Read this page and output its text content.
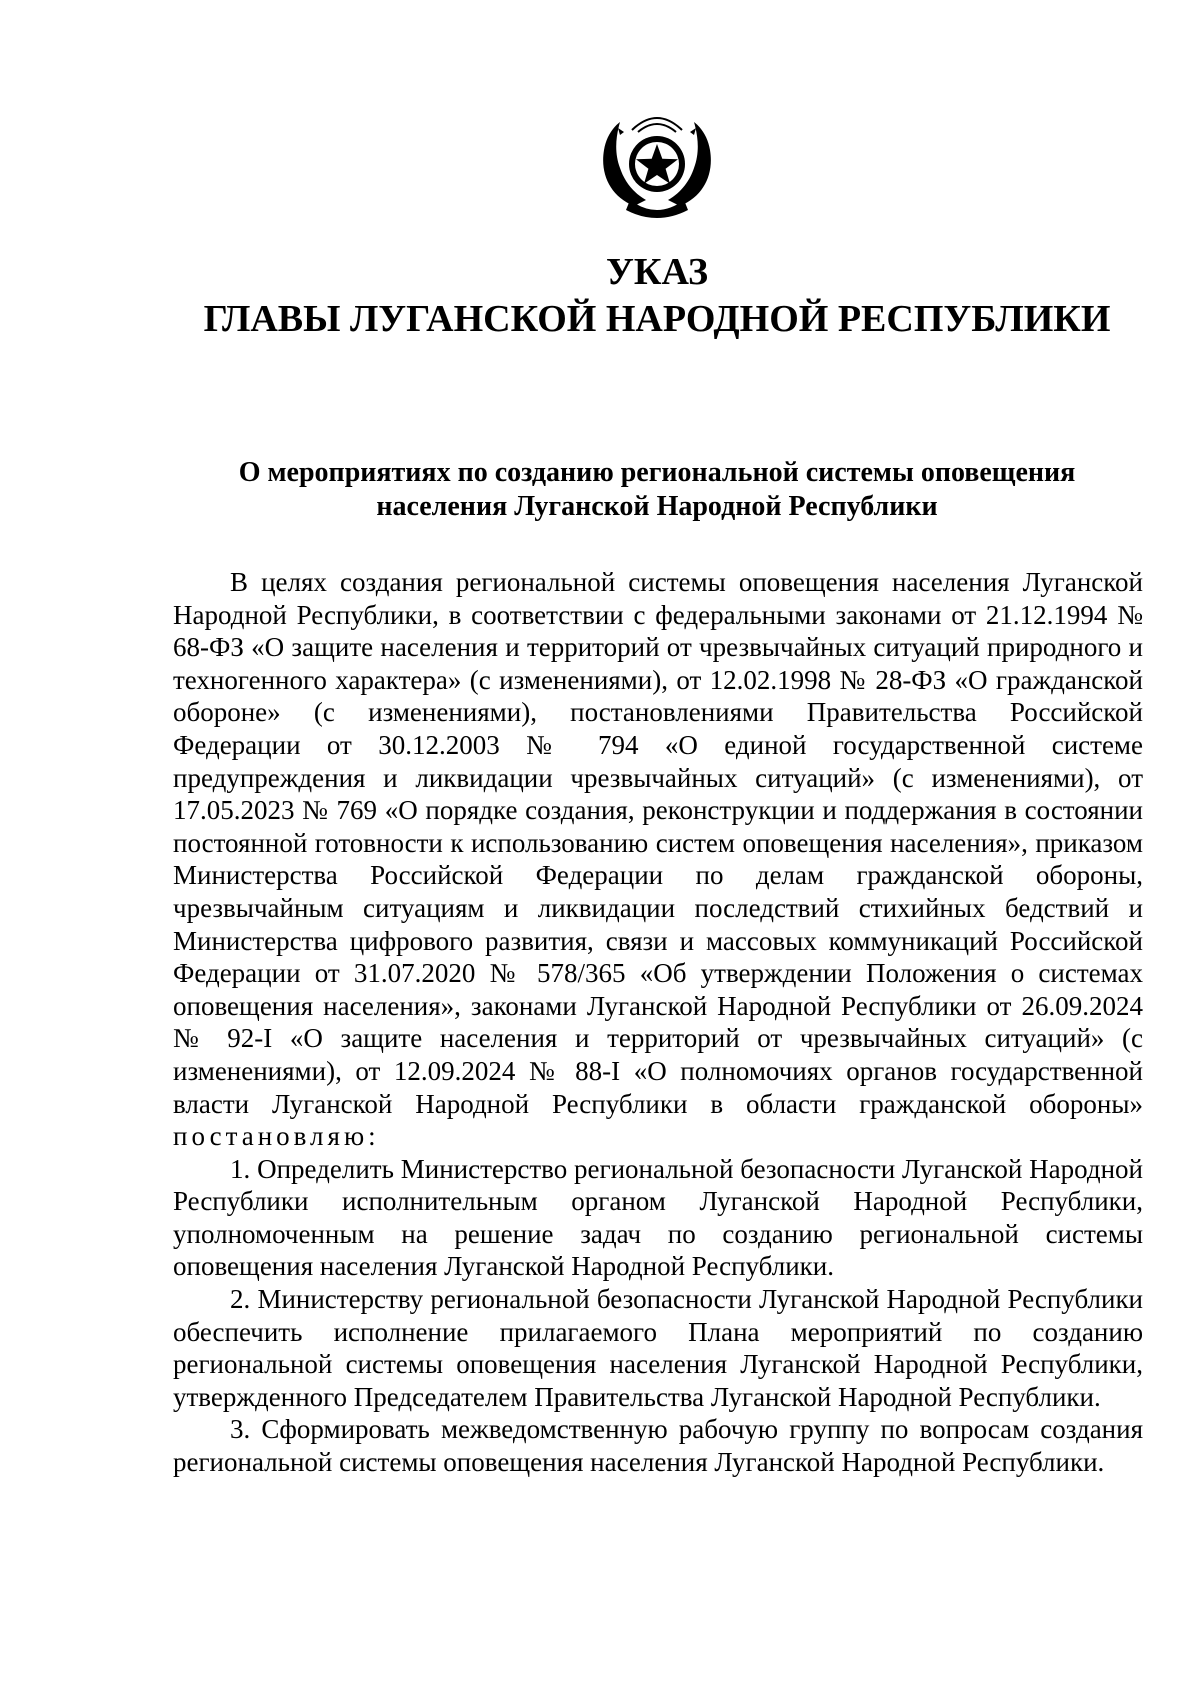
УКАЗ
ГЛАВЫ ЛУГАНСКОЙ НАРОДНОЙ РЕСПУБЛИКИ
О мероприятиях по созданию региональной системы оповещения
населения Луганской Народной Республики

В целях создания региональной системы оповещения населения Луганской Народной Республики, в соответствии с федеральными законами от 21.12.1994 № 68-ФЗ «О защите населения и территорий от чрезвычайных ситуаций природного и техногенного характера» (с изменениями), от 12.02.1998 № 28-ФЗ «О гражданской обороне» (с изменениями), постановлениями Правительства Российской Федерации от 30.12.2003 № 794 «О единой государственной системе предупреждения и ликвидации чрезвычайных ситуаций» (с изменениями), от 17.05.2023 № 769 «О порядке создания, реконструкции и поддержания в состоянии постоянной готовности к использованию систем оповещения населения», приказом Министерства Российской Федерации по делам гражданской обороны, чрезвычайным ситуациям и ликвидации последствий стихийных бедствий и Министерства цифрового развития, связи и массовых коммуникаций Российской Федерации от 31.07.2020 № 578/365 «Об утверждении Положения о системах оповещения населения», законами Луганской Народной Республики от 26.09.2024 № 92-I «О защите населения и территорий от чрезвычайных ситуаций» (с изменениями), от 12.09.2024 № 88-I «О полномочиях органов государственной власти Луганской Народной Республики в области гражданской обороны» постановляю:

1. Определить Министерство региональной безопасности Луганской Народной Республики исполнительным органом Луганской Народной Республики, уполномоченным на решение задач по созданию региональной системы оповещения населения Луганской Народной Республики.

2. Министерству региональной безопасности Луганской Народной Республики обеспечить исполнение прилагаемого Плана мероприятий по созданию региональной системы оповещения населения Луганской Народной Республики, утвержденного Председателем Правительства Луганской Народной Республики.

3. Сформировать межведомственную рабочую группу по вопросам создания региональной системы оповещения населения Луганской Народной Республики.
